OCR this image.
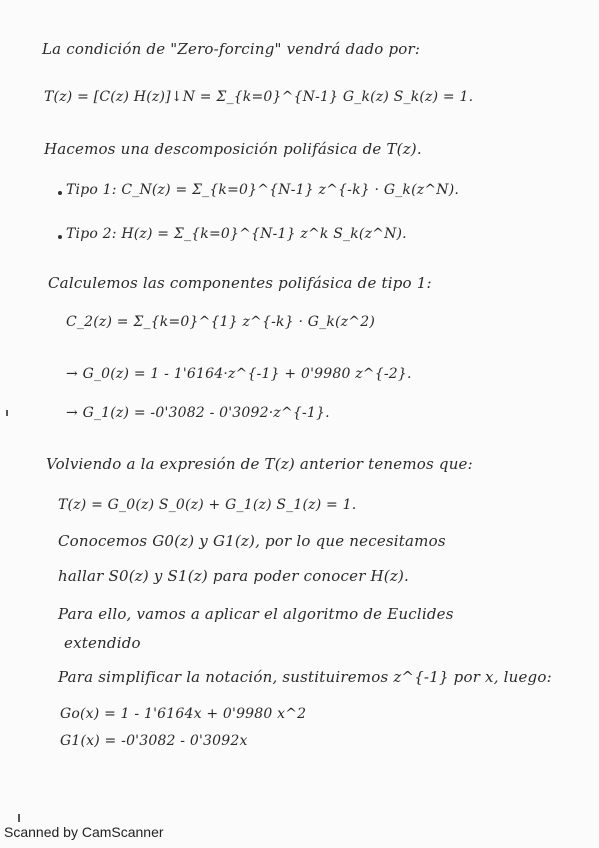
La condición de "Zero-forcing" vendrá dado por:
T(z) = [C(z) H(z)]↓N = Σ_{k=0}^{N-1} G_k(z) S_k(z) = 1.
Hacemos una descomposición polifásica de T(z).
Tipo 1: C_N(z) = Σ_{k=0}^{N-1} z^{-k} · G_k(z^N).
Tipo 2: H(z) = Σ_{k=0}^{N-1} z^k S_k(z^N).
Calculemos las componentes polifásica de tipo 1:
C_2(z) = Σ_{k=0}^{1} z^{-k} · G_k(z^2)
→ G_0(z) = 1 - 1'6164·z^{-1} + 0'9980 z^{-2}.
→ G_1(z) = -0'3082 - 0'3092·z^{-1}.
Volviendo a la expresión de T(z) anterior tenemos que:
T(z) = G_0(z) S_0(z) + G_1(z) S_1(z) = 1.
Conocemos G0(z) y G1(z), por lo que necesitamos
hallar S0(z) y S1(z) para poder conocer H(z).
Para ello, vamos a aplicar el algoritmo de Euclides
extendido
Para simplificar la notación, sustituiremos z^{-1} por x, luego:
Go(x) = 1 - 1'6164x + 0'9980 x^2
G1(x) = -0'3082 - 0'3092x
Scanned by CamScanner
